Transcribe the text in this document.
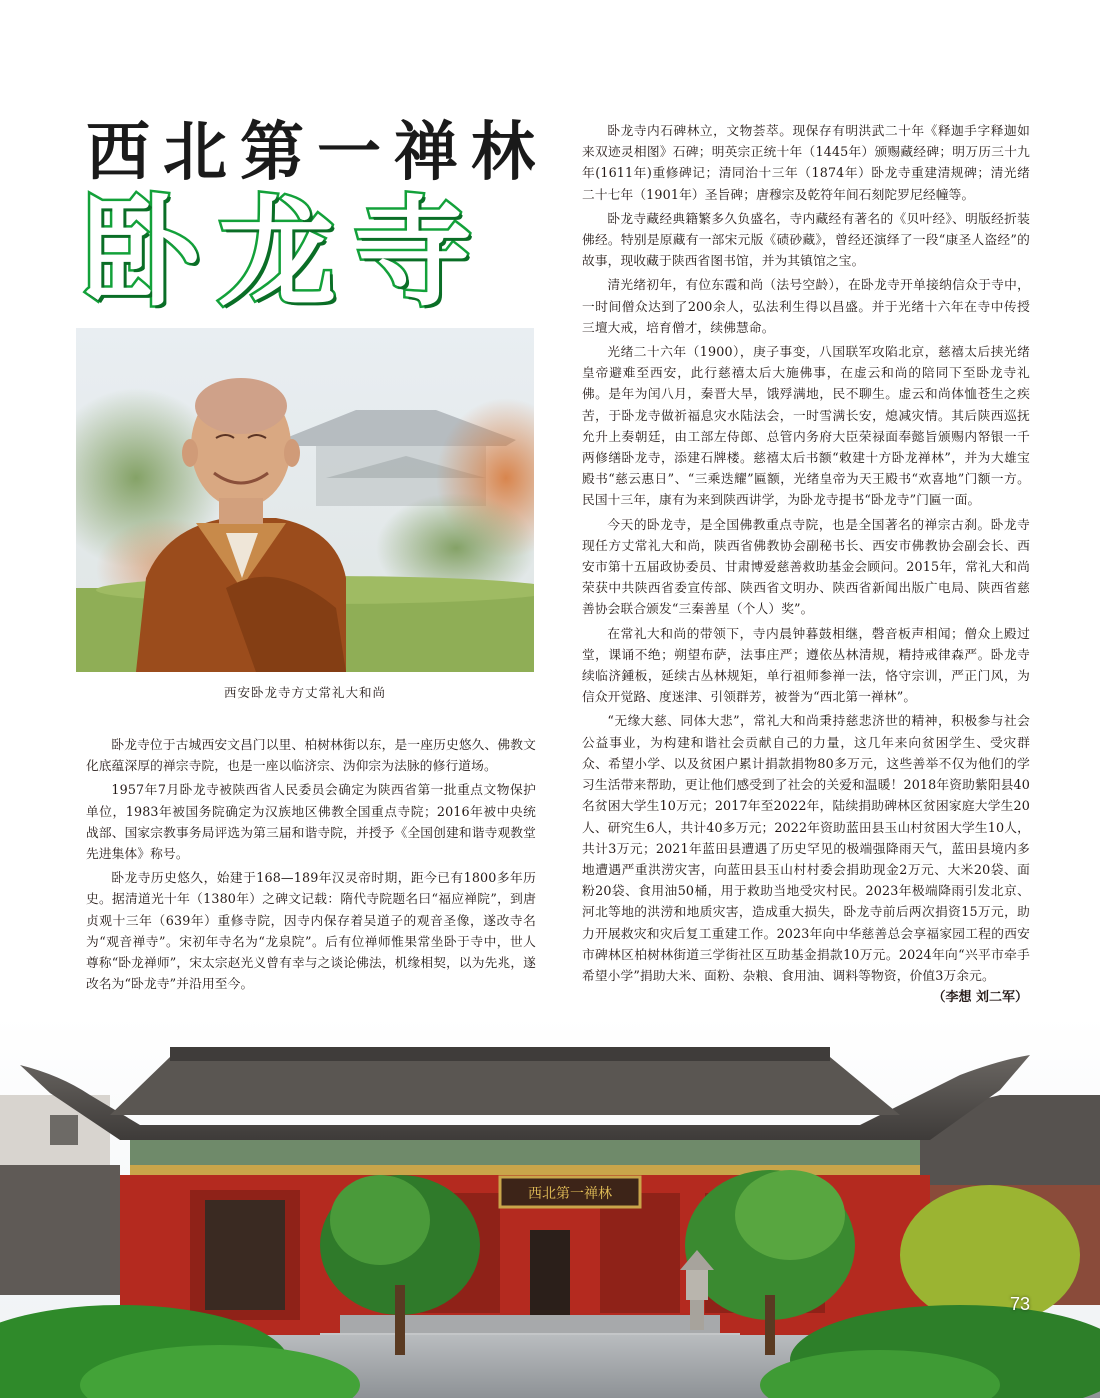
西北第一禅林
卧龙寺
西安卧龙寺方丈常礼大和尚

卧龙寺位于古城西安文昌门以里、柏树林街以东，是一座历史悠久、佛教文化底蕴深厚的禅宗寺院，也是一座以临济宗、沩仰宗为法脉的修行道场。

1957年7月卧龙寺被陕西省人民委员会确定为陕西省第一批重点文物保护单位，1983年被国务院确定为汉族地区佛教全国重点寺院；2016年被中央统战部、国家宗教事务局评选为第三届和谐寺院，并授予《全国创建和谐寺观教堂先进集体》称号。

卧龙寺历史悠久，始建于168—189年汉灵帝时期，距今已有1800多年历史。据清道光十年（1380年）之碑文记载：隋代寺院题名曰“福应禅院”，到唐贞观十三年（639年）重修寺院，因寺内保存着吴道子的观音圣像，遂改寺名为“观音禅寺”。宋初年寺名为“龙泉院”。后有位禅师惟果常坐卧于寺中，世人尊称“卧龙禅师”，宋太宗赵光义曾有幸与之谈论佛法，机缘相契，以为先兆，遂改名为“卧龙寺”并沿用至今。

卧龙寺内石碑林立，文物荟萃。现保存有明洪武二十年《释迦手字释迦如来双迹灵相图》石碑；明英宗正统十年（1445年）颁赐藏经碑；明万历三十九年(1611年)重修碑记；清同治十三年（1874年）卧龙寺重建清规碑；清光绪二十七年（1901年）圣旨碑；唐穆宗及乾符年间石刻陀罗尼经幢等。

卧龙寺藏经典籍繁多久负盛名，寺内藏经有著名的《贝叶经》、明版经折装佛经。特别是原藏有一部宋元版《碛砂藏》，曾经还演绎了一段“康圣人盗经”的故事，现收藏于陕西省图书馆，并为其镇馆之宝。

清光绪初年，有位东霞和尚（法号空龄），在卧龙寺开单接纳信众于寺中，一时间僧众达到了200余人，弘法利生得以昌盛。并于光绪十六年在寺中传授三壇大戒，培育僧才，续佛慧命。

光绪二十六年（1900），庚子事变，八国联军攻陷北京，慈禧太后挟光绪皇帝避难至西安，此行慈禧太后大施佛事，在虚云和尚的陪同下至卧龙寺礼佛。是年为闰八月，秦晋大旱，饿殍满地，民不聊生。虚云和尚体恤苍生之疾苦，于卧龙寺做祈福息灾水陆法会，一时雪满长安，熄减灾情。其后陕西巡抚允升上奏朝廷，由工部左侍郎、总管内务府大臣荣禄面奉懿旨颁赐内帑银一千两修缮卧龙寺，添建石牌楼。慈禧太后书额“敕建十方卧龙禅林”，并为大雄宝殿书“慈云惠日”、“三乘迭耀”匾额，光绪皇帝为天王殿书“欢喜地”门额一方。民国十三年，康有为来到陕西讲学，为卧龙寺提书“卧龙寺”门匾一面。

今天的卧龙寺，是全国佛教重点寺院，也是全国著名的禅宗古刹。卧龙寺现任方丈常礼大和尚，陕西省佛教协会副秘书长、西安市佛教协会副会长、西安市第十五届政协委员、甘肃博爱慈善救助基金会顾问。2015年，常礼大和尚荣获中共陕西省委宣传部、陕西省文明办、陕西省新闻出版广电局、陕西省慈善协会联合颁发“三秦善星（个人）奖”。

在常礼大和尚的带领下，寺内晨钟暮鼓相继，磬音板声相闻；僧众上殿过堂，课诵不绝；朔望布萨，法事庄严；遵依丛林清规，精持戒律森严。卧龙寺续临济鍾板，延续古丛林规矩，单行祖师参禅一法，恪守宗训，严正门风，为信众开觉路、度迷津、引领群芳，被誉为“西北第一禅林”。

“无缘大慈、同体大悲”，常礼大和尚秉持慈悲济世的精神，积极参与社会公益事业，为构建和谐社会贡献自己的力量，这几年来向贫困学生、受灾群众、希望小学、以及贫困户累计捐款捐物80多万元，这些善举不仅为他们的学习生活带来帮助，更让他们感受到了社会的关爱和温暖！2018年资助紫阳县40名贫困大学生10万元；2017年至2022年，陆续捐助碑林区贫困家庭大学生20人、研究生6人，共计40多万元；2022年资助蓝田县玉山村贫困大学生10人，共计3万元；2021年蓝田县遭遇了历史罕见的极端强降雨天气，蓝田县境内多地遭遇严重洪涝灾害，向蓝田县玉山村村委会捐助现金2万元、大米20袋、面粉20袋、食用油50桶，用于救助当地受灾村民。2023年极端降雨引发北京、河北等地的洪涝和地质灾害，造成重大损失，卧龙寺前后两次捐资15万元，助力开展救灾和灾后复工重建工作。2023年向中华慈善总会享福家园工程的西安市碑林区柏树林街道三学街社区互助基金捐款10万元。2024年向“兴平市牵手希望小学”捐助大米、面粉、杂粮、食用油、调料等物资，价值3万余元。

（李想 刘二军）
西北第一禅林
73
